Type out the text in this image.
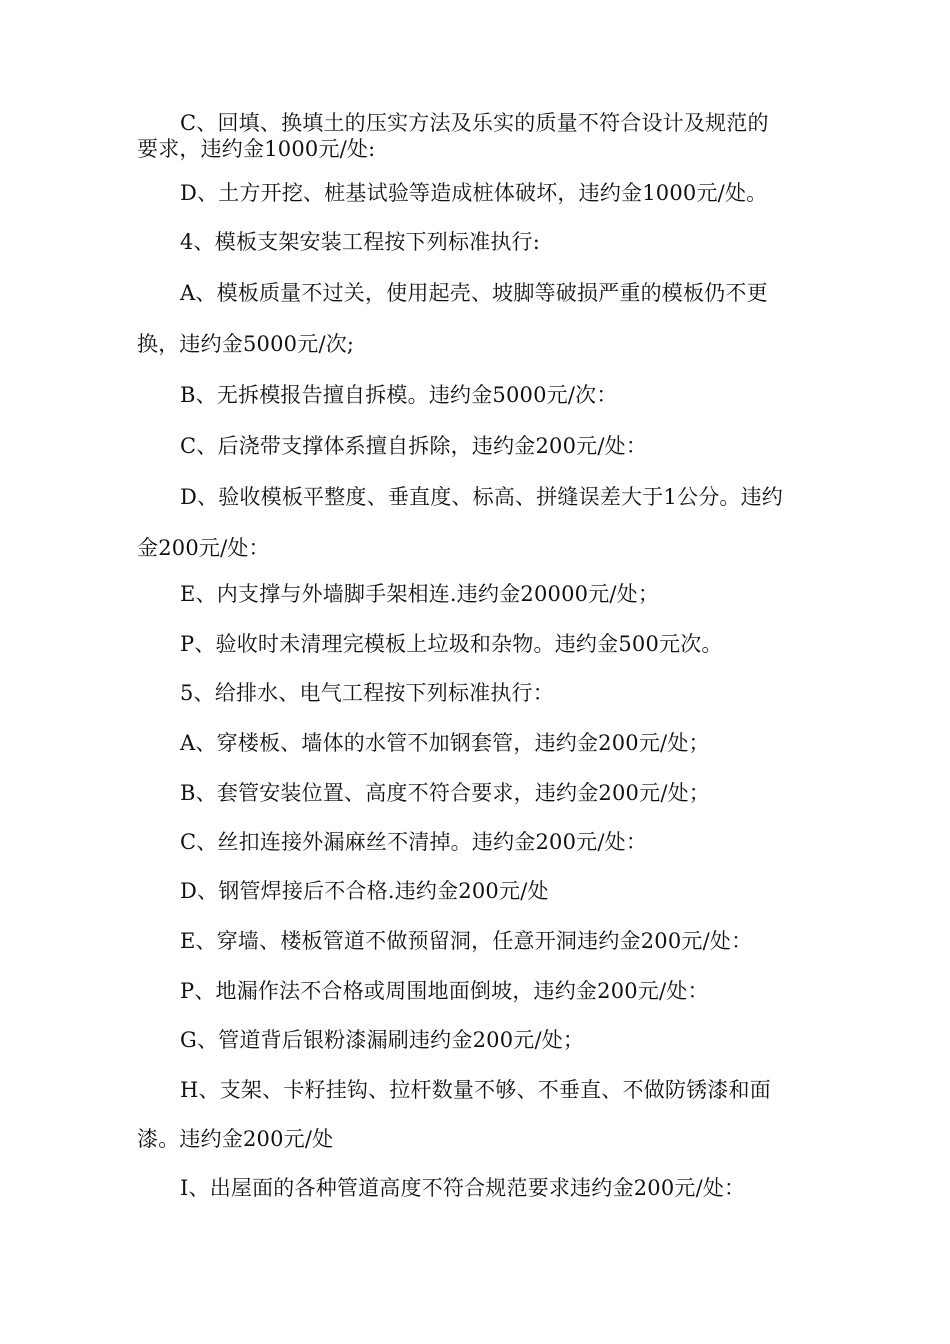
C、回填、换填土的压实方法及乐实的质量不符合设计及规范的
要求，违约金1000元/处:
D、土方开挖、桩基试验等造成桩体破坏，违约金1000元/处。
4、模板支架安装工程按下列标准执行:
A、模板质量不过关，使用起壳、坡脚等破损严重的模板仍不更
换，违约金5000元/次;
B、无拆模报告擅自拆模。违约金5000元/次：
C、后浇带支撑体系擅自拆除，违约金200元/处：
D、验收模板平整度、垂直度、标高、拼缝误差大于1公分。违约
金200元/处：
E、内支撑与外墙脚手架相连.违约金20000元/处；
P、验收时未清理完模板上垃圾和杂物。违约金500元次。
5、给排水、电气工程按下列标准执行：
A、穿楼板、墙体的水管不加钢套管，违约金200元/处；
B、套管安装位置、高度不符合要求，违约金200元/处；
C、丝扣连接外漏麻丝不清掉。违约金200元/处：
D、钢管焊接后不合格.违约金200元/处
E、穿墙、楼板管道不做预留洞，任意开洞违约金200元/处：
P、地漏作法不合格或周围地面倒坡，违约金200元/处：
G、管道背后银粉漆漏刷违约金200元/处；
H、支架、卡籽挂钩、拉杆数量不够、不垂直、不做防锈漆和面
漆。违约金200元/处
I、出屋面的各种管道高度不符合规范要求违约金200元/处：
